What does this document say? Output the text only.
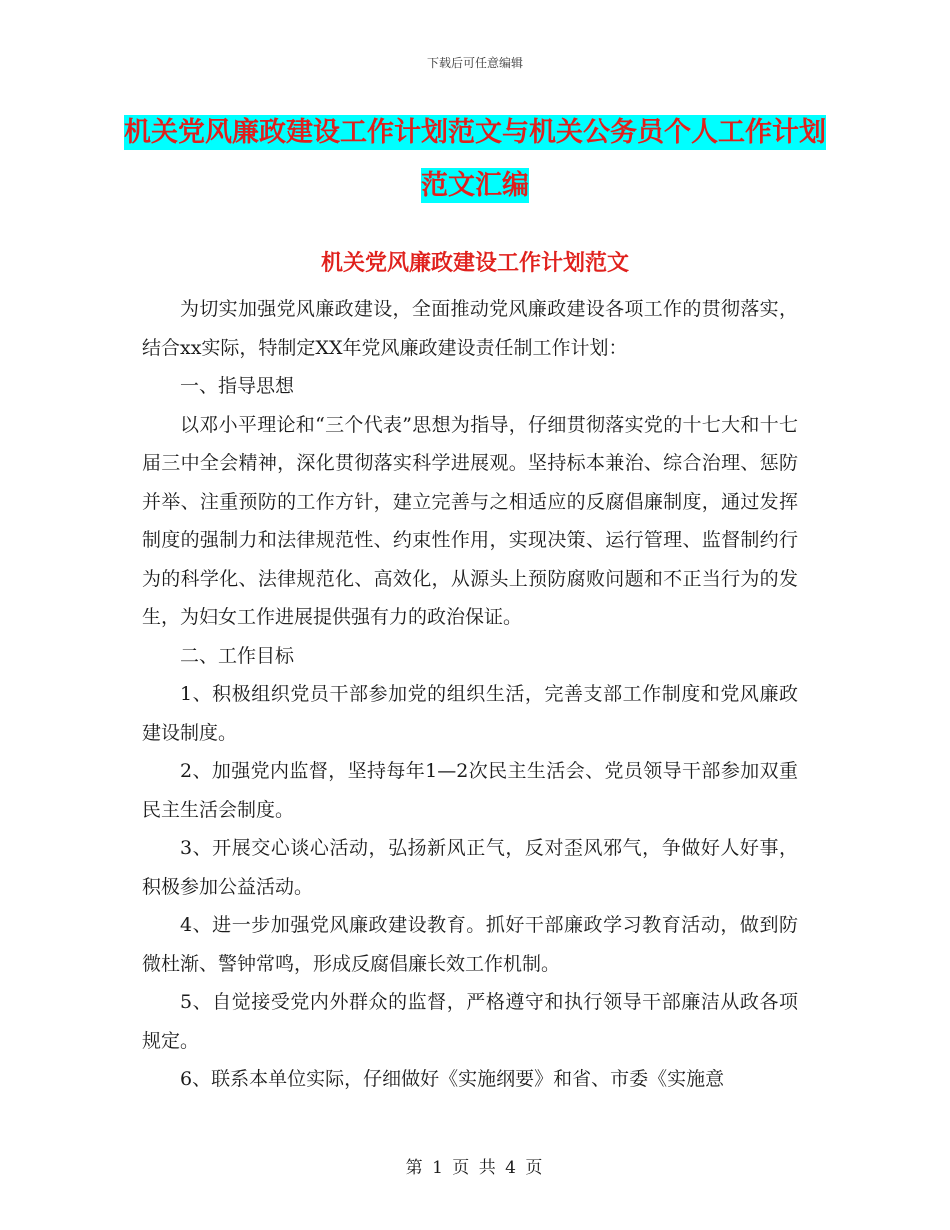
下载后可任意编辑
机关党风廉政建设工作计划范文与机关公务员个人工作计划范文汇编
机关党风廉政建设工作计划范文

为切实加强党风廉政建设，全面推动党风廉政建设各项工作的贯彻落实，结合xx实际，特制定XX年党风廉政建设责任制工作计划：

一、指导思想

以邓小平理论和“三个代表”思想为指导，仔细贯彻落实党的十七大和十七届三中全会精神，深化贯彻落实科学进展观。坚持标本兼治、综合治理、惩防并举、注重预防的工作方针，建立完善与之相适应的反腐倡廉制度，通过发挥制度的强制力和法律规范性、约束性作用，实现决策、运行管理、监督制约行为的科学化、法律规范化、高效化，从源头上预防腐败问题和不正当行为的发生，为妇女工作进展提供强有力的政治保证。

二、工作目标

1、积极组织党员干部参加党的组织生活，完善支部工作制度和党风廉政建设制度。

2、加强党内监督，坚持每年1—2次民主生活会、党员领导干部参加双重民主生活会制度。

3、开展交心谈心活动，弘扬新风正气，反对歪风邪气，争做好人好事，积极参加公益活动。

4、进一步加强党风廉政建设教育。抓好干部廉政学习教育活动，做到防微杜渐、警钟常鸣，形成反腐倡廉长效工作机制。

5、自觉接受党内外群众的监督，严格遵守和执行领导干部廉洁从政各项规定。

6、联系本单位实际，仔细做好《实施纲要》和省、市委《实施意

第 1 页 共 4 页
